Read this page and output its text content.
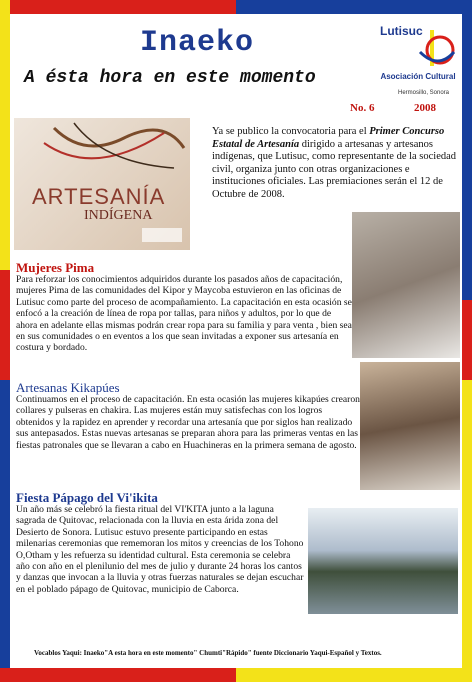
Inaeko
A ésta hora en este momento
Lutisuc
Asociación Cultural
Hermosillo, Sonora
No. 6	2008
ARTESANÍA
INDÍGENA

Ya se publico la convocatoria para el Primer Concurso Estatal de Artesanía dirigido a artesanas y artesanos indígenas, que Lutisuc, como representante de la sociedad civil, organiza junto con otras organizaciones e instituciones oficiales. Las premiaciones serán el 12 de Octubre de 2008.

Mujeres Pima

Para reforzar los conocimientos adquiridos durante los pasados años de capacitación, mujeres Pima de las comunidades del Kipor y Maycoba estuvieron en las oficinas de Lutisuc como parte del proceso de acompañamiento. La capacitación en esta ocasión se enfocó a la creación de línea de ropa por tallas, para niños y adultos, por lo que de ahora en adelante ellas mismas podrán crear ropa para su familia y para venta , bien sea en sus comunidades o en eventos a los que sean invitadas a exponer sus artesanía en costura y bordado.

Artesanas Kikapúes

Continuamos en el proceso de capacitación. En esta ocasión las mujeres kikapúes crearon collares y pulseras en chakira. Las mujeres están muy satisfechas con los logros obtenidos y la rapidez en aprender y recordar una artesanía que por siglos han realizado sus antepasados. Estas nuevas artesanas se preparan ahora para las primeras ventas en las fiestas patronales que se llevaran a cabo en Huachineras en la primera semana de agosto.

Fiesta Pápago del Vi'ikita

Un año más se celebró la fiesta ritual del VI'KITA junto a la laguna sagrada de Quitovac, relacionada con la lluvia en esta árida zona del Desierto de Sonora. Lutisuc estuvo presente participando en estas milenarias ceremonias que rememoran los mitos y creencias de los Tohono O,Otham y les refuerza su identidad cultural. Esta ceremonia se celebra año con año en el plenilunio del mes de julio y durante 24 horas los cantos y danzas que invocan a la lluvia y otras fuerzas naturales se dejan escuchar en el poblado pápago de Quitovac, municipio de Caborca.

Vocablos Yaqui: Inaeko"A esta hora en este momento" Chumti"Rápido" fuente Diccionario Yaqui-Español y Textos.
